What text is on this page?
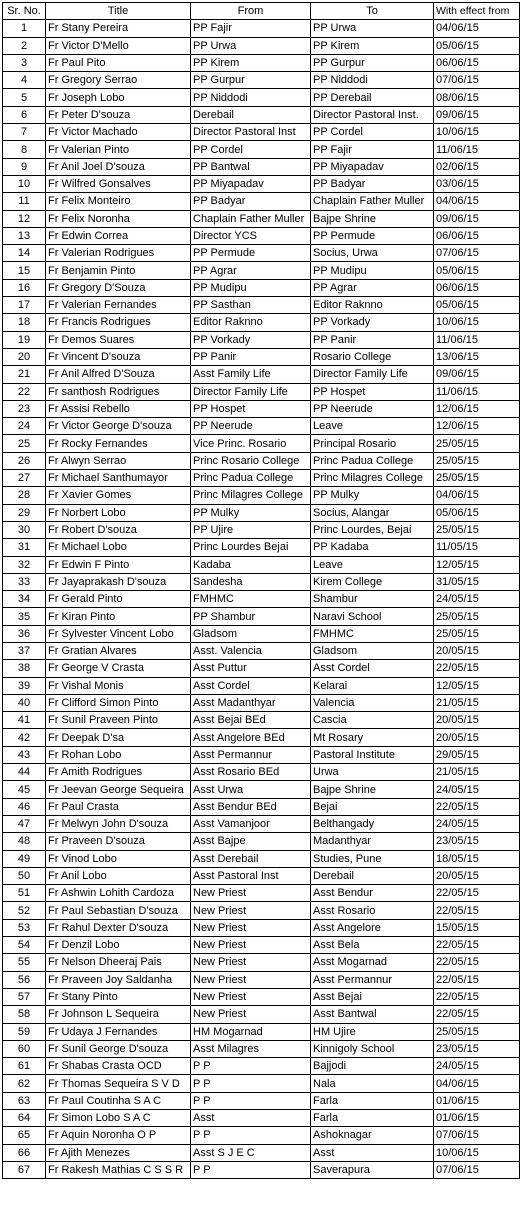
Sr. No.	Title	From	To	With effect from
1	Fr Stany Pereira	PP Fajir	PP Urwa	04/06/15
2	Fr Victor D'Mello	PP Urwa	PP Kirem	05/06/15
3	Fr Paul Pito	PP Kirem	PP Gurpur	06/06/15
4	Fr Gregory Serrao	PP Gurpur	PP Niddodi	07/06/15
5	Fr Joseph Lobo	PP Niddodi	PP Derebail	08/06/15
6	Fr Peter D'souza	Derebail	Director Pastoral Inst.	09/06/15
7	Fr Victor Machado	Director Pastoral Inst	PP Cordel	10/06/15
8	Fr Valerian Pinto	PP Cordel	PP Fajir	11/06/15
9	Fr Anil Joel D'souza	PP Bantwal	PP Miyapadav	02/06/15
10	Fr Wilfred Gonsalves	PP Miyapadav	PP Badyar	03/06/15
11	Fr Felix Monteiro	PP Badyar	Chaplain Father Muller	04/06/15
12	Fr Felix Noronha	Chaplain Father Muller	Bajpe Shrine	09/06/15
13	Fr Edwin Correa	Director YCS	PP Permude	06/06/15
14	Fr Valerian Rodrigues	PP Permude	Socius, Urwa	07/06/15
15	Fr Benjamin Pinto	PP Agrar	PP Mudipu	05/06/15
16	Fr Gregory D'Souza	PP Mudipu	PP Agrar	06/06/15
17	Fr Valerian Fernandes	PP Sasthan	Editor Raknno	05/06/15
18	Fr Francis Rodrigues	Editor Raknno	PP Vorkady	10/06/15
19	Fr Demos Suares	PP Vorkady	PP Panir	11/06/15
20	Fr Vincent D'souza	PP Panir	Rosario College	13/06/15
21	Fr Anil Alfred D'Souza	Asst Family Life	Director Family Life	09/06/15
22	Fr santhosh Rodrigues	Director Family Life	PP Hospet	11/06/15
23	Fr Assisi Rebello	PP Hospet	PP Neerude	12/06/15
24	Fr Victor George D'souza	PP Neerude	Leave	12/06/15
25	Fr Rocky Fernandes	Vice Princ. Rosario	Principal Rosario	25/05/15
26	Fr Alwyn Serrao	Princ Rosario College	Princ Padua College	25/05/15
27	Fr Michael Santhumayor	Princ Padua College	Princ Milagres College	25/05/15
28	Fr Xavier Gomes	Princ Milagres College	PP Mulky	04/06/15
29	Fr Norbert Lobo	PP Mulky	Socius, Alangar	05/06/15
30	Fr Robert D'souza	PP Ujire	Princ Lourdes, Bejai	25/05/15
31	Fr Michael Lobo	Princ Lourdes Bejai	PP Kadaba	11/05/15
32	Fr Edwin F Pinto	Kadaba	Leave	12/05/15
33	Fr Jayaprakash D'souza	Sandesha	Kirem College	31/05/15
34	Fr Gerald Pinto	FMHMC	Shambur	24/05/15
35	Fr Kiran Pinto	PP Shambur	Naravi School	25/05/15
36	Fr Sylvester Vincent Lobo	Gladsom	FMHMC	25/05/15
37	Fr Gratian Alvares	Asst. Valencia	Gladsom	20/05/15
38	Fr George V Crasta	Asst Puttur	Asst Cordel	22/05/15
39	Fr Vishal Monis	Asst Cordel	Kelarai	12/05/15
40	Fr Clifford Simon Pinto	Asst Madanthyar	Valencia	21/05/15
41	Fr Sunil Praveen Pinto	Asst Bejai BEd	Cascia	20/05/15
42	Fr Deepak D'sa	Asst Angelore BEd	Mt Rosary	20/05/15
43	Fr Rohan Lobo	Asst Permannur	Pastoral Institute	29/05/15
44	Fr Amith Rodrigues	Asst Rosario BEd	Urwa	21/05/15
45	Fr Jeevan George Sequeira	Asst Urwa	Bajpe Shrine	24/05/15
46	Fr Paul Crasta	Asst Bendur BEd	Bejai	22/05/15
47	Fr Melwyn John D'souza	Asst Vamanjoor	Belthangady	24/05/15
48	Fr Praveen D'souza	Asst Bajpe	Madanthyar	23/05/15
49	Fr Vinod Lobo	Asst Derebail	Studies, Pune	18/05/15
50	Fr Anil Lobo	Asst Pastoral Inst	Derebail	20/05/15
51	Fr Ashwin Lohith Cardoza	New Priest	Asst Bendur	22/05/15
52	Fr Paul Sebastian D'souza	New Priest	Asst Rosario	22/05/15
53	Fr Rahul Dexter D'souza	New Priest	Asst Angelore	15/05/15
54	Fr Denzil Lobo	New Priest	Asst Bela	22/05/15
55	Fr Nelson Dheeraj Pais	New Priest	Asst Mogarnad	22/05/15
56	Fr Praveen Joy Saldanha	New Priest	Asst Permannur	22/05/15
57	Fr Stany Pinto	New Priest	Asst Bejai	22/05/15
58	Fr Johnson L Sequeira	New Priest	Asst Bantwal	22/05/15
59	Fr Udaya J Fernandes	HM Mogarnad	HM Ujire	25/05/15
60	Fr Sunil George D'souza	Asst Milagres	Kinnigoly School	23/05/15
61	Fr Shabas Crasta OCD	P P	Bajjodi	24/05/15
62	Fr Thomas Sequeira S V D	P P	Nala	04/06/15
63	Fr Paul Coutinha S A C	P P	Farla	01/06/15
64	Fr Simon Lobo S A C	Asst	Farla	01/06/15
65	Fr Aquin Noronha O P	P P	Ashoknagar	07/06/15
66	Fr Ajith Menezes	Asst S J E C	Asst	10/06/15
67	Fr Rakesh Mathias C S S R	P P	Saverapura	07/06/15
